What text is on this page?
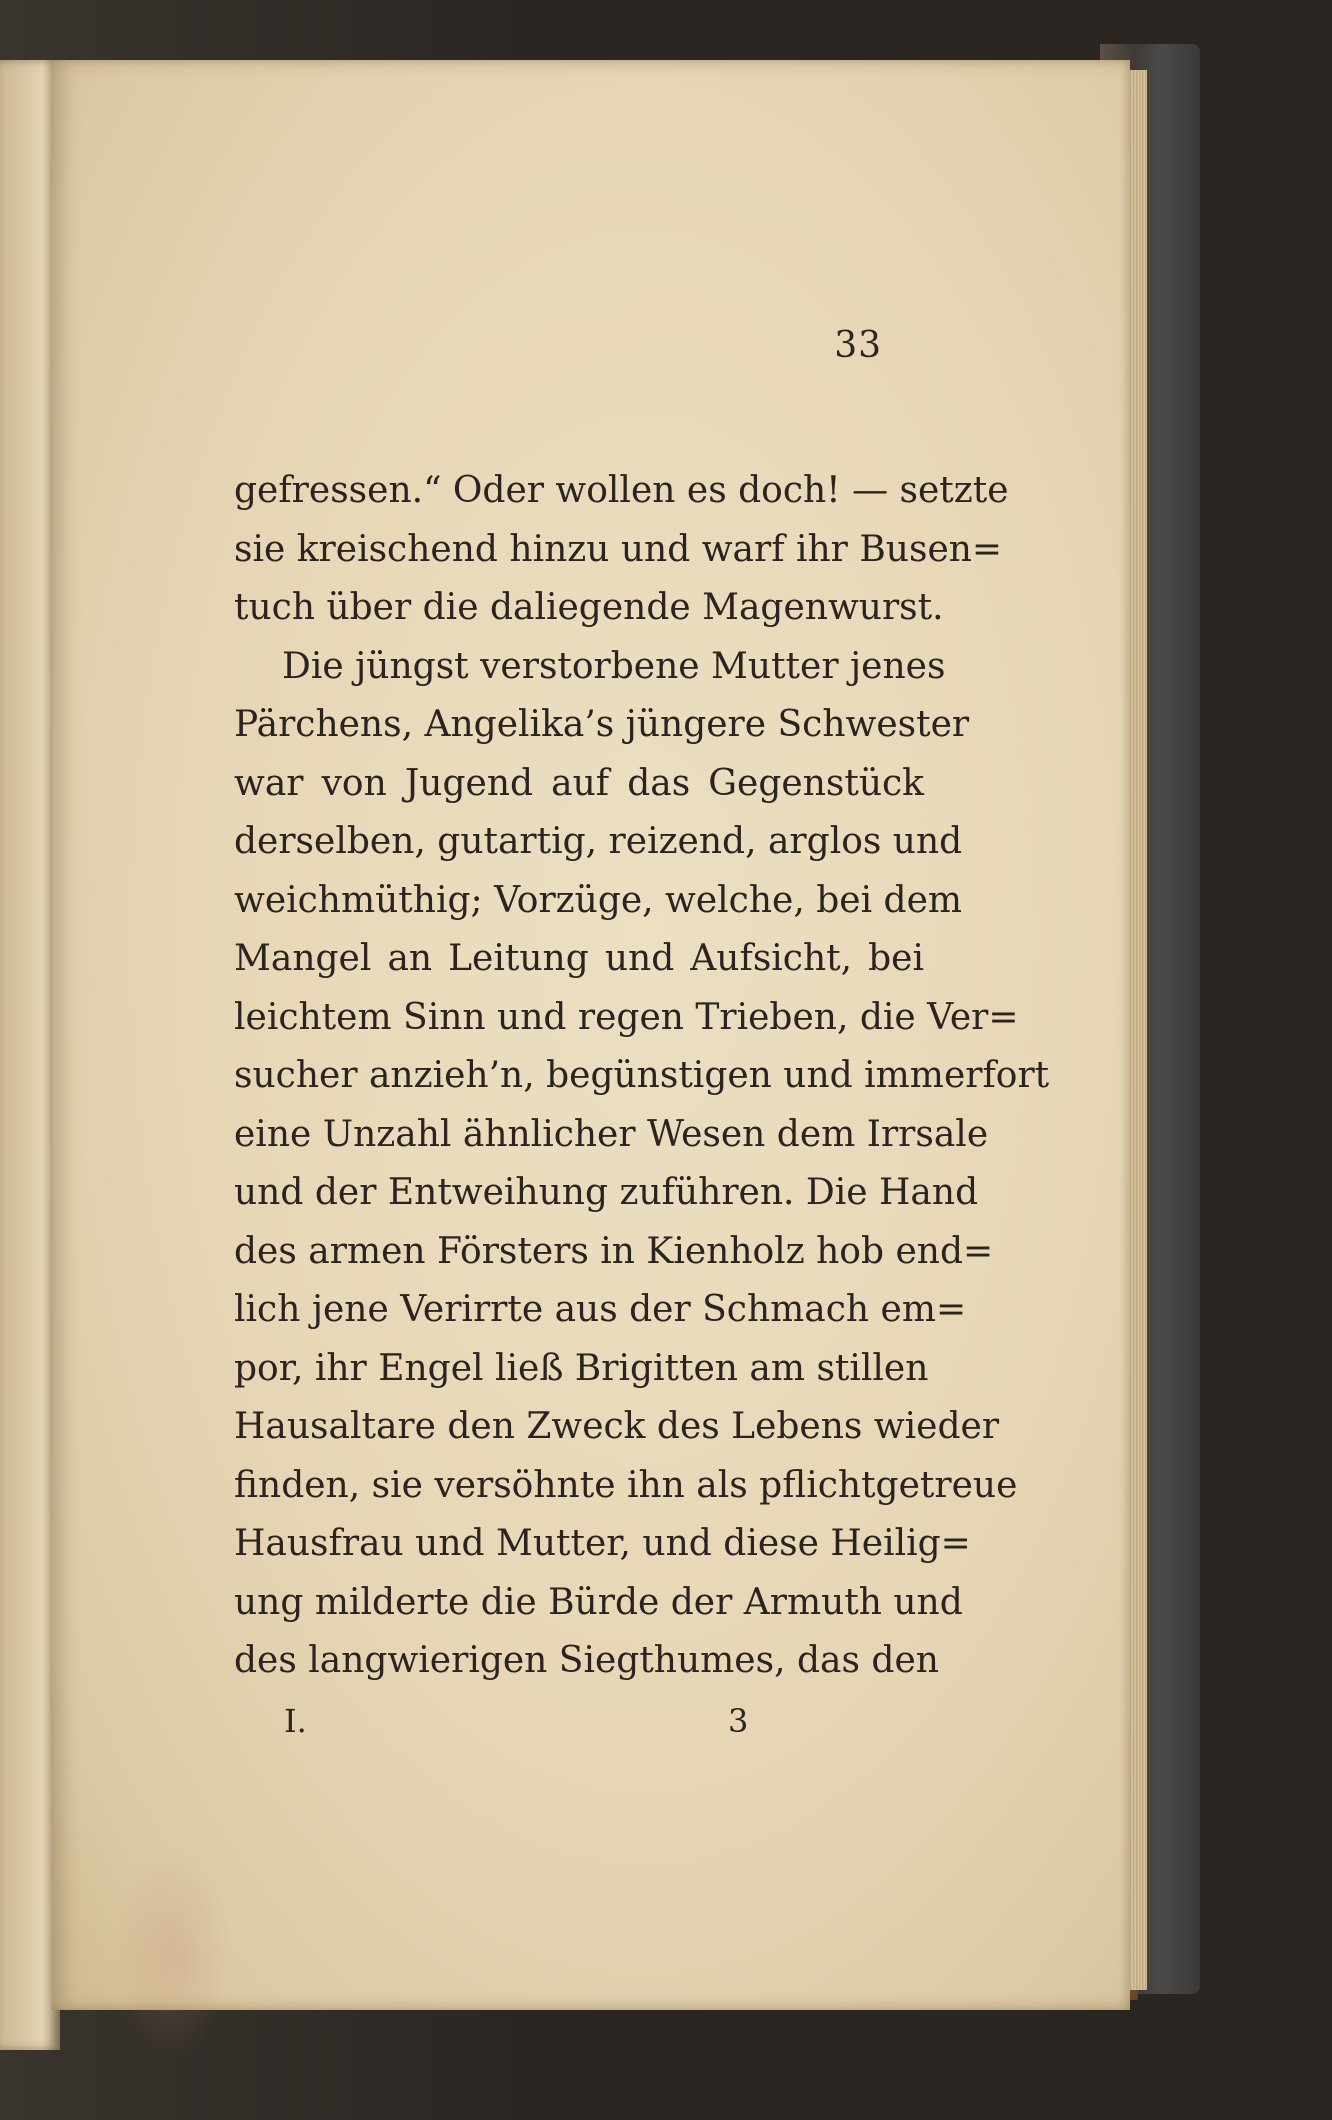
33
gefressen.“ Oder wollen es doch! — setzte
sie kreischend hinzu und warf ihr Busen=
tuch über die daliegende Magenwurst.
Die jüngst verstorbene Mutter jenes
Pärchens, Angelika’s jüngere Schwester
war von Jugend auf das Gegenstück
derselben, gutartig, reizend, arglos und
weichmüthig; Vorzüge, welche, bei dem
Mangel an Leitung und Aufsicht, bei
leichtem Sinn und regen Trieben, die Ver=
sucher anzieh’n, begünstigen und immerfort
eine Unzahl ähnlicher Wesen dem Irrsale
und der Entweihung zuführen. Die Hand
des armen Försters in Kienholz hob end=
lich jene Verirrte aus der Schmach em=
por, ihr Engel ließ Brigitten am stillen
Hausaltare den Zweck des Lebens wieder
finden, sie versöhnte ihn als pflichtgetreue
Hausfrau und Mutter, und diese Heilig=
ung milderte die Bürde der Armuth und
des langwierigen Siegthumes, das den
I.	3
